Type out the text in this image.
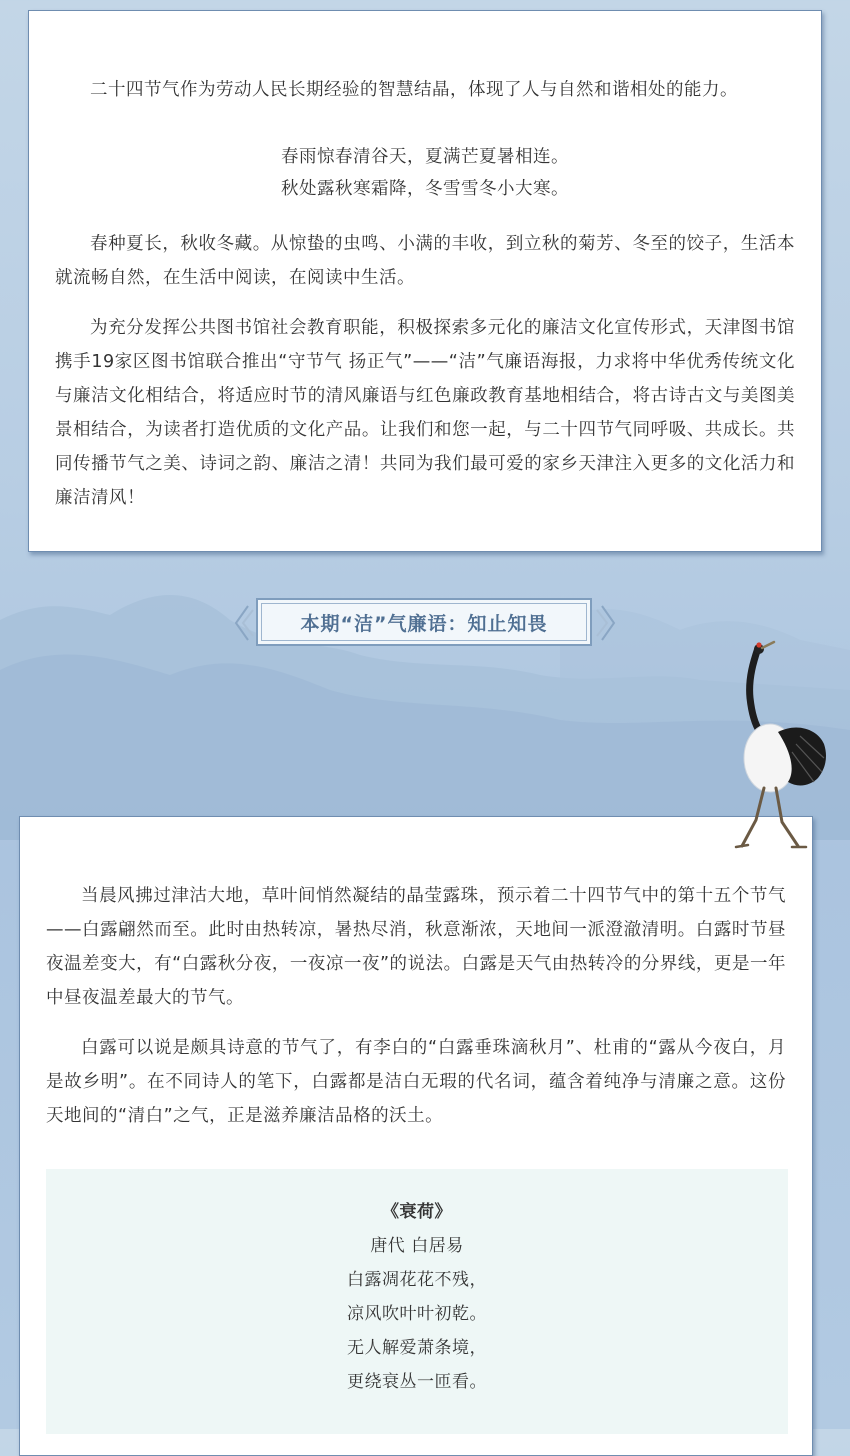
二十四节气作为劳动人民长期经验的智慧结晶，体现了人与自然和谐相处的能力。

春雨惊春清谷天，夏满芒夏暑相连。

秋处露秋寒霜降，冬雪雪冬小大寒。

春种夏长，秋收冬藏。从惊蛰的虫鸣、小满的丰收，到立秋的菊芳、冬至的饺子，生活本就流畅自然，在生活中阅读，在阅读中生活。

为充分发挥公共图书馆社会教育职能，积极探索多元化的廉洁文化宣传形式，天津图书馆携手19家区图书馆联合推出“守节气 扬正气”——“洁”气廉语海报，力求将中华优秀传统文化与廉洁文化相结合，将适应时节的清风廉语与红色廉政教育基地相结合，将古诗古文与美图美景相结合，为读者打造优质的文化产品。让我们和您一起，与二十四节气同呼吸、共成长。共同传播节气之美、诗词之韵、廉洁之清！共同为我们最可爱的家乡天津注入更多的文化活力和廉洁清风！

本期“洁”气廉语：知止知畏

当晨风拂过津沽大地，草叶间悄然凝结的晶莹露珠，预示着二十四节气中的第十五个节气——白露翩然而至。此时由热转凉，暑热尽消，秋意渐浓，天地间一派澄澈清明。白露时节昼夜温差变大，有“白露秋分夜，一夜凉一夜”的说法。白露是天气由热转冷的分界线，更是一年中昼夜温差最大的节气。

白露可以说是颇具诗意的节气了，有李白的“白露垂珠滴秋月”、杜甫的“露从今夜白，月是故乡明”。在不同诗人的笔下，白露都是洁白无瑕的代名词，蕴含着纯净与清廉之意。这份天地间的“清白”之气，正是滋养廉洁品格的沃土。

《衰荷》
唐代 白居易
白露凋花花不残，
凉风吹叶叶初乾。
无人解爱萧条境，
更绕衰丛一匝看。
